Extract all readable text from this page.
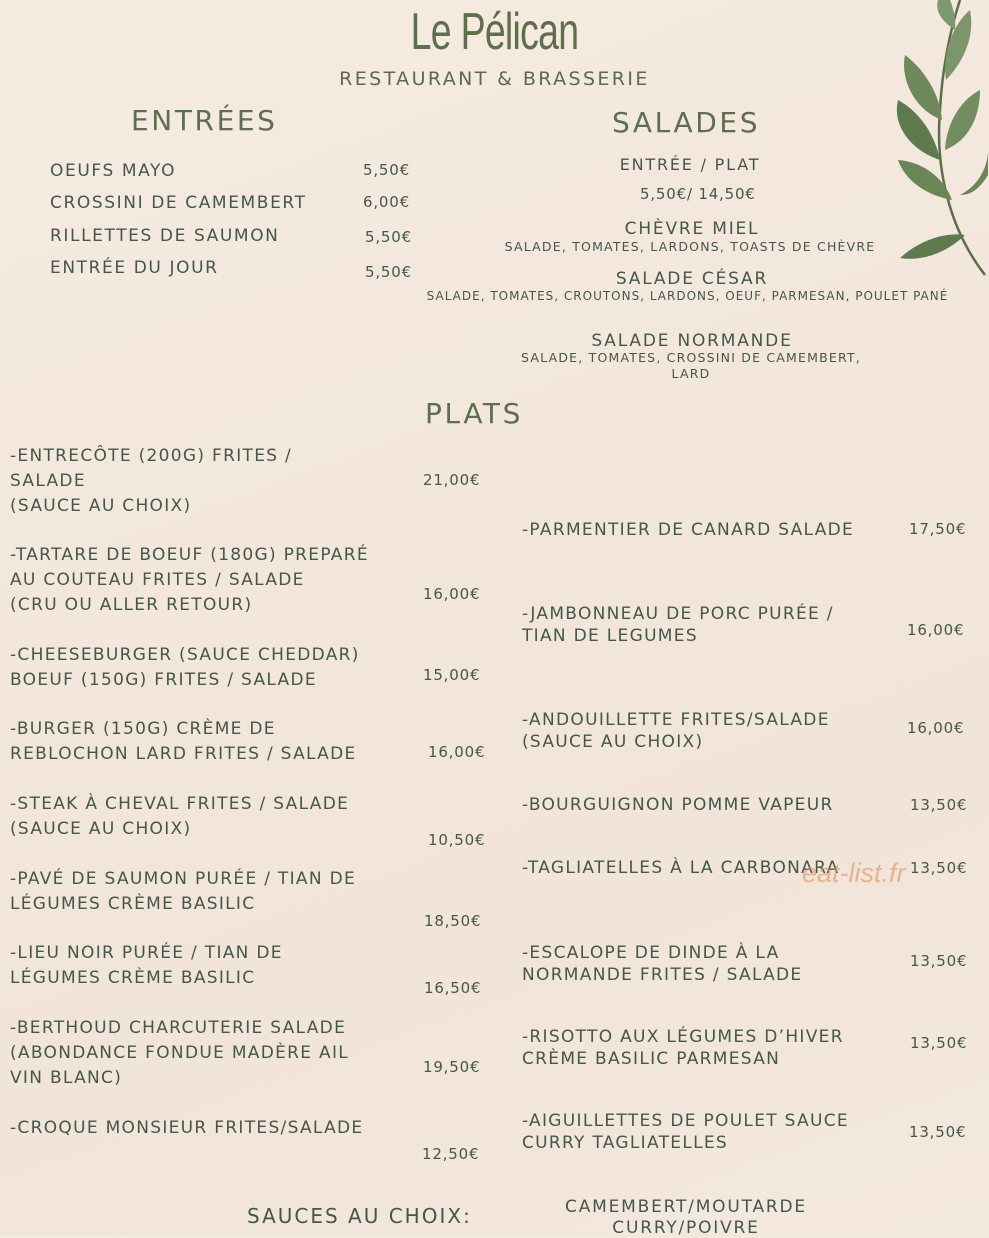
Le Pélican
RESTAURANT & BRASSERIE
ENTRÉES
OEUFS MAYO	5,50€
CROSSINI DE CAMEMBERT	6,00€
RILLETTES DE SAUMON	5,50€
ENTRÉE DU JOUR	5,50€
SALADES
ENTRÉE / PLAT
5,50€/ 14,50€
CHÈVRE MIEL
SALADE, TOMATES, LARDONS, TOASTS DE CHÈVRE
SALADE CÉSAR
SALADE, TOMATES, CROUTONS, LARDONS, OEUF, PARMESAN, POULET PANÉ
SALADE NORMANDE
SALADE, TOMATES, CROSSINI DE CAMEMBERT,
LARD
PLATS
-ENTRECÔTE (200G) FRITES /
SALADE
(SAUCE AU CHOIX)
21,00€
-TARTARE DE BOEUF (180G) PREPARÉ
AU COUTEAU FRITES / SALADE
(CRU OU ALLER RETOUR)
16,00€
-CHEESEBURGER (SAUCE CHEDDAR)
BOEUF (150G) FRITES / SALADE	15,00€
-BURGER (150G) CRÈME DE
REBLOCHON LARD FRITES / SALADE	16,00€
-STEAK À CHEVAL FRITES / SALADE
(SAUCE AU CHOIX)
10,50€
-PAVÉ DE SAUMON PURÉE / TIAN DE
LÉGUMES CRÈME BASILIC
18,50€
-LIEU NOIR PURÉE / TIAN DE
LÉGUMES CRÈME BASILIC	16,50€
-BERTHOUD CHARCUTERIE SALADE
(ABONDANCE FONDUE MADÈRE AIL
VIN BLANC)
19,50€
-CROQUE MONSIEUR FRITES/SALADE
12,50€
-PARMENTIER DE CANARD SALADE	17,50€
-JAMBONNEAU DE PORC PURÉE /
TIAN DE LEGUMES	16,00€
-ANDOUILLETTE FRITES/SALADE
(SAUCE AU CHOIX)
16,00€
-BOURGUIGNON POMME VAPEUR	13,50€
-TAGLIATELLES À LA CARBONARA	13,50€
-ESCALOPE DE DINDE À LA
NORMANDE FRITES / SALADE
13,50€
-RISOTTO AUX LÉGUMES D’HIVER
CRÈME BASILIC PARMESAN
13,50€
-AIGUILLETTES DE POULET SAUCE
CURRY TAGLIATELLES
13,50€
eat-list.fr
SAUCES AU CHOIX:	CAMEMBERT/MOUTARDE
CURRY/POIVRE
